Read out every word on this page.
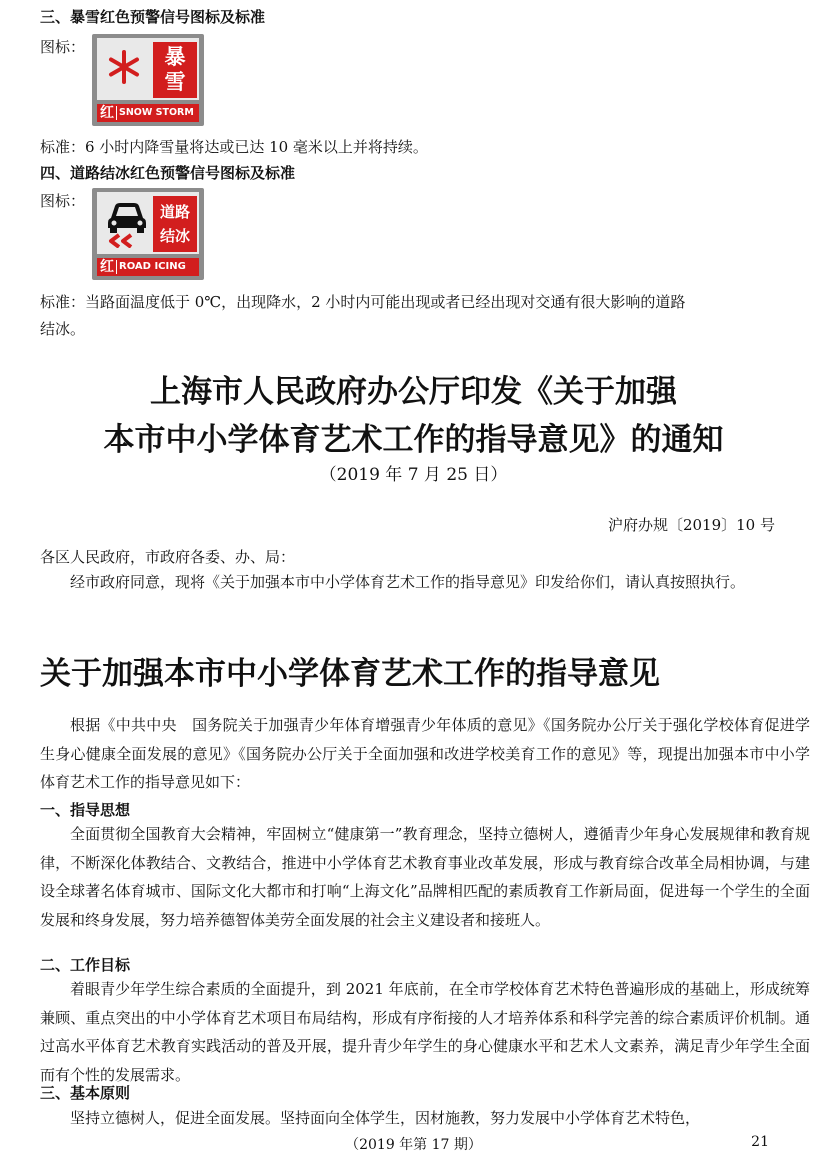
三、暴雪红色预警信号图标及标准
图标：	暴雪
红 SNOW STORM
标准：6 小时内降雪量将达或已达 10 毫米以上并将持续。
四、道路结冰红色预警信号图标及标准
图标：
道路
结冰
红 ROAD ICING
标准：当路面温度低于 0℃，出现降水，2 小时内可能出现或者已经出现对交通有很大影响的道路
结冰。
上海市人民政府办公厅印发《关于加强
本市中小学体育艺术工作的指导意见》的通知
（2019 年 7 月 25 日）
沪府办规〔2019〕10 号
各区人民政府，市政府各委、办、局：

经市政府同意，现将《关于加强本市中小学体育艺术工作的指导意见》印发给你们，请认真按照执行。

关于加强本市中小学体育艺术工作的指导意见

根据《中共中央　国务院关于加强青少年体育增强青少年体质的意见》《国务院办公厅关于强化学校体育促进学生身心健康全面发展的意见》《国务院办公厅关于全面加强和改进学校美育工作的意见》等，现提出加强本市中小学体育艺术工作的指导意见如下：

一、指导思想

全面贯彻全国教育大会精神，牢固树立“健康第一”教育理念，坚持立德树人，遵循青少年身心发展规律和教育规律，不断深化体教结合、文教结合，推进中小学体育艺术教育事业改革发展，形成与教育综合改革全局相协调，与建设全球著名体育城市、国际文化大都市和打响“上海文化”品牌相匹配的素质教育工作新局面，促进每一个学生的全面发展和终身发展，努力培养德智体美劳全面发展的社会主义建设者和接班人。

二、工作目标

着眼青少年学生综合素质的全面提升，到 2021 年底前，在全市学校体育艺术特色普遍形成的基础上，形成统筹兼顾、重点突出的中小学体育艺术项目布局结构，形成有序衔接的人才培养体系和科学完善的综合素质评价机制。通过高水平体育艺术教育实践活动的普及开展，提升青少年学生的身心健康水平和艺术人文素养，满足青少年学生全面而有个性的发展需求。

三、基本原则
坚持立德树人，促进全面发展。坚持面向全体学生，因材施教，努力发展中小学体育艺术特色，
（2019 年第 17 期）	21
